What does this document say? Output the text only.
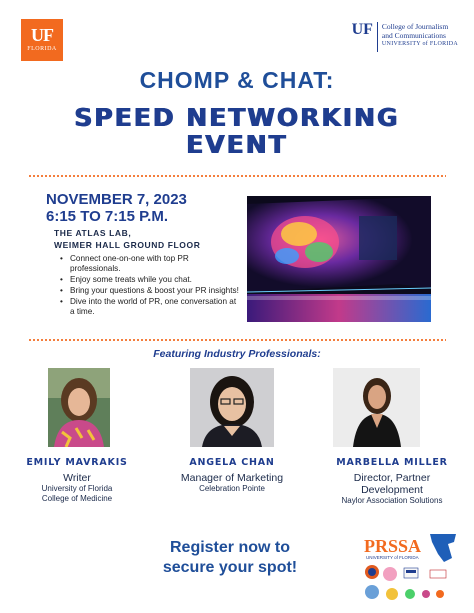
UF
FLORIDA
UF	College of Journalism
and Communications
UNIVERSITY of FLORIDA
CHOMP & CHAT:
SPEED NETWORKING
EVENT
NOVEMBER 7, 2023
6:15 TO 7:15 P.M.
THE ATLAS LAB,
WEIMER HALL GROUND FLOOR
• Connect one-on-one with top PR professionals.
• Enjoy some treats while you chat.
• Bring your questions & boost your PR insights!
• Dive into the world of PR, one conversation at a time.
Featuring Industry Professionals:
EMILY MAVRAKIS	ANGELA CHAN	MARBELLA MILLER
Writer
University of Florida
College of Medicine
Manager of Marketing
Celebration Pointe
Director, Partner
Development
Naylor Association Solutions
Register now to
secure your spot!
PRSSA
UNIVERSITY of FLORIDA
